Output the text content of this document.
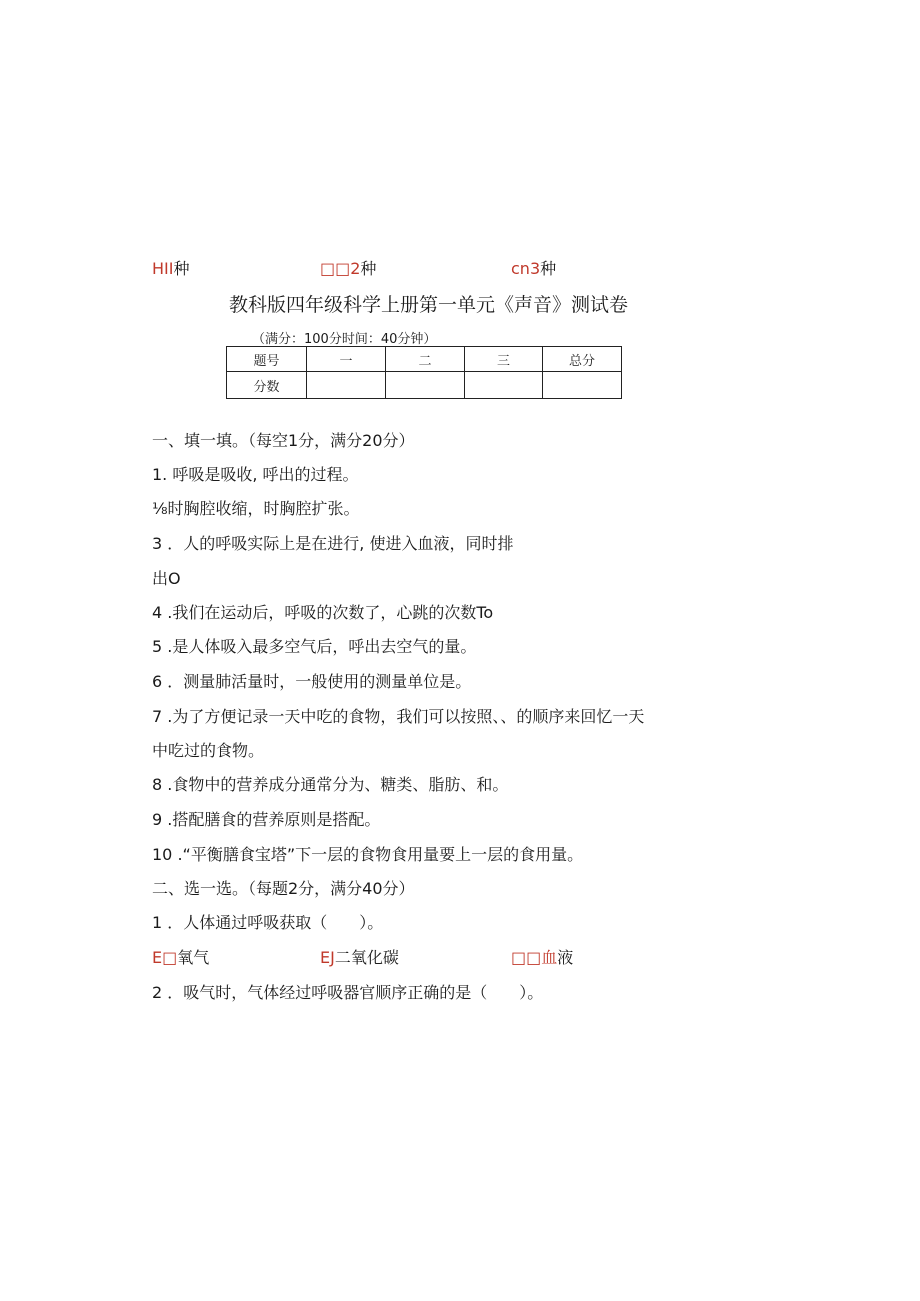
HII种	□□2种	cn3种
教科版四年级科学上册第一单元《声音》测试卷
（满分：100分时间：40分钟）
题号	一	二	三	总分
分数				
一、填一填。（每空1分，满分20分）
1. 呼吸是吸收, 呼出的过程。
⅛时胸腔收缩，时胸腔扩张。
3 ．人的呼吸实际上是在进行, 使进入血液，同时排
出O
4 .我们在运动后，呼吸的次数了，心跳的次数To
5 .是人体吸入最多空气后，呼出去空气的量。
6 ．测量肺活量时，一般使用的测量单位是。
7 .为了方便记录一天中吃的食物，我们可以按照、、的顺序来回忆一天
中吃过的食物。
8 .食物中的营养成分通常分为、糖类、脂肪、和。
9 .搭配膳食的营养原则是搭配。
10 .“平衡膳食宝塔”下一层的食物食用量要上一层的食用量。
二、选一选。（每题2分，满分40分）
1 ．人体通过呼吸获取（　　）。
E□氧气	EJ二氧化碳	□□血液
2 ．吸气时，气体经过呼吸器官顺序正确的是（　　）。
